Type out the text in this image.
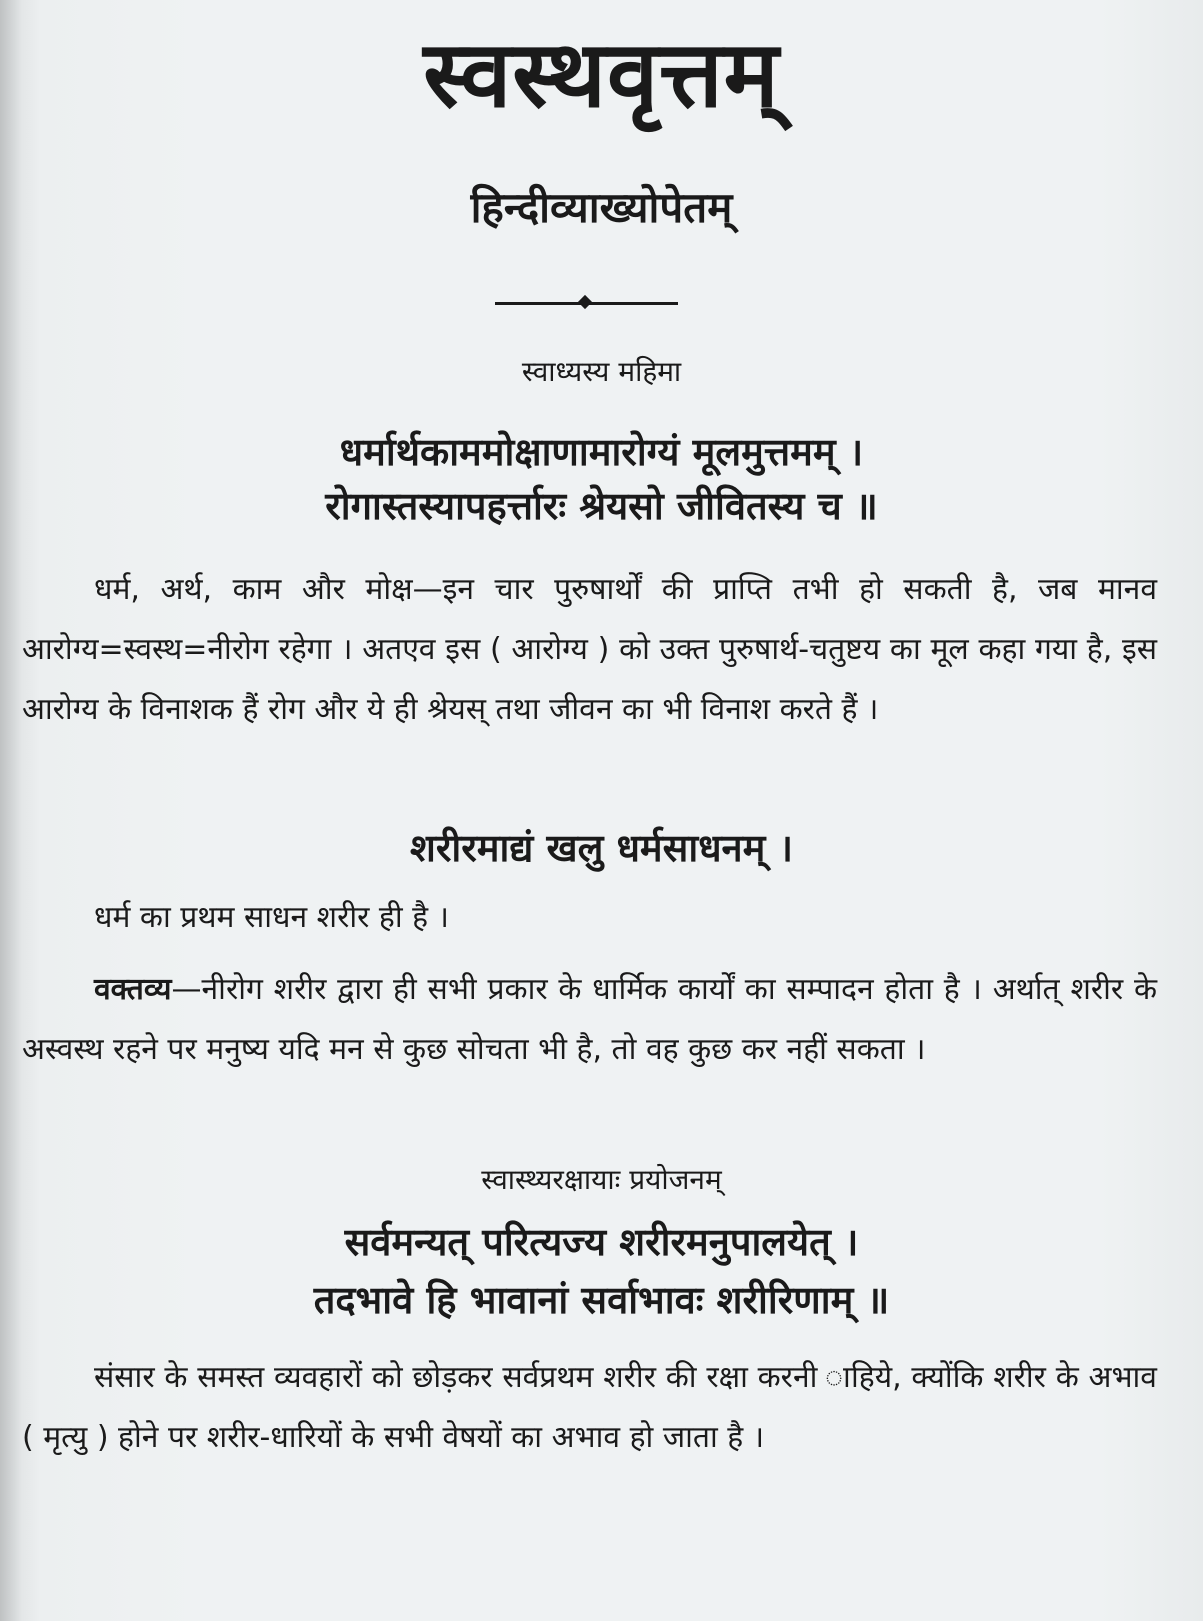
स्वस्थवृत्तम्
हिन्दीव्याख्योपेतम्
स्वाध्यस्य महिमा
धर्मार्थकाममोक्षाणामारोग्यं मूलमुत्तमम् ।
रोगास्तस्यापहर्त्तारः श्रेयसो जीवितस्य च ॥
धर्म, अर्थ, काम और मोक्ष—इन चार पुरुषार्थों की प्राप्ति तभी हो सकती है, जब मानव आरोग्य=स्वस्थ=नीरोग रहेगा । अतएव इस ( आरोग्य ) को उक्त पुरुषार्थ-चतुष्टय का मूल कहा गया है, इस आरोग्य के विनाशक हैं रोग और ये ही श्रेयस् तथा जीवन का भी विनाश करते हैं ।
शरीरमाद्यं खलु धर्मसाधनम् ।
धर्म का प्रथम साधन शरीर ही है ।
वक्तव्य—नीरोग शरीर द्वारा ही सभी प्रकार के धार्मिक कार्यों का सम्पादन होता है । अर्थात् शरीर के अस्वस्थ रहने पर मनुष्य यदि मन से कुछ सोचता भी है, तो वह कुछ कर नहीं सकता ।
स्वास्थ्यरक्षायाः प्रयोजनम्
सर्वमन्यत् परित्यज्य शरीरमनुपालयेत् ।
तदभावे हि भावानां सर्वाभावः शरीरिणाम् ॥
संसार के समस्त व्यवहारों को छोड़कर सर्वप्रथम शरीर की रक्षा करनी ाहिये, क्योंकि शरीर के अभाव ( मृत्यु ) होने पर शरीर-धारियों के सभी वेषयों का अभाव हो जाता है ।
